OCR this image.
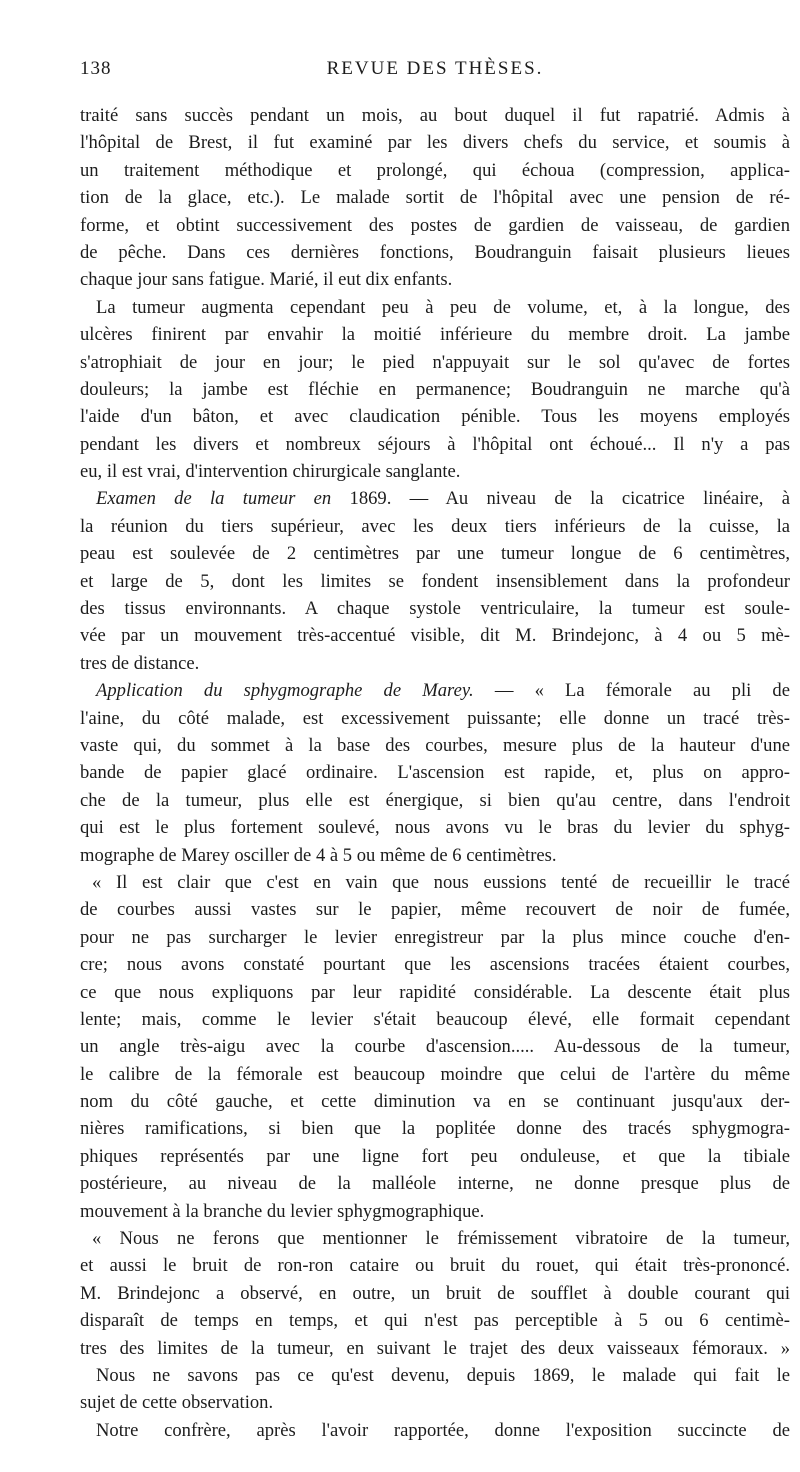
138	REVUE DES THÈSES.
traité sans succès pendant un mois, au bout duquel il fut rapatrié. Admis à
l'hôpital de Brest, il fut examiné par les divers chefs du service, et soumis à
un traitement méthodique et prolongé, qui échoua (compression, applica-
tion de la glace, etc.). Le malade sortit de l'hôpital avec une pension de ré-
forme, et obtint successivement des postes de gardien de vaisseau, de gardien
de pêche. Dans ces dernières fonctions, Boudranguin faisait plusieurs lieues
chaque jour sans fatigue. Marié, il eut dix enfants.
La tumeur augmenta cependant peu à peu de volume, et, à la longue, des
ulcères finirent par envahir la moitié inférieure du membre droit. La jambe
s'atrophiait de jour en jour; le pied n'appuyait sur le sol qu'avec de fortes
douleurs; la jambe est fléchie en permanence; Boudranguin ne marche qu'à
l'aide d'un bâton, et avec claudication pénible. Tous les moyens employés
pendant les divers et nombreux séjours à l'hôpital ont échoué... Il n'y a pas
eu, il est vrai, d'intervention chirurgicale sanglante.
Examen de la tumeur en 1869. — Au niveau de la cicatrice linéaire, à
la réunion du tiers supérieur, avec les deux tiers inférieurs de la cuisse, la
peau est soulevée de 2 centimètres par une tumeur longue de 6 centimètres,
et large de 5, dont les limites se fondent insensiblement dans la profondeur
des tissus environnants. A chaque systole ventriculaire, la tumeur est soule-
vée par un mouvement très-accentué visible, dit M. Brindejonc, à 4 ou 5 mè-
tres de distance.
Application du sphygmographe de Marey. — « La fémorale au pli de
l'aine, du côté malade, est excessivement puissante; elle donne un tracé très-
vaste qui, du sommet à la base des courbes, mesure plus de la hauteur d'une
bande de papier glacé ordinaire. L'ascension est rapide, et, plus on appro-
che de la tumeur, plus elle est énergique, si bien qu'au centre, dans l'endroit
qui est le plus fortement soulevé, nous avons vu le bras du levier du sphyg-
mographe de Marey osciller de 4 à 5 ou même de 6 centimètres.
« Il est clair que c'est en vain que nous eussions tenté de recueillir le tracé
de courbes aussi vastes sur le papier, même recouvert de noir de fumée,
pour ne pas surcharger le levier enregistreur par la plus mince couche d'en-
cre; nous avons constaté pourtant que les ascensions tracées étaient courbes,
ce que nous expliquons par leur rapidité considérable. La descente était plus
lente; mais, comme le levier s'était beaucoup élevé, elle formait cependant
un angle très-aigu avec la courbe d'ascension..... Au-dessous de la tumeur,
le calibre de la fémorale est beaucoup moindre que celui de l'artère du même
nom du côté gauche, et cette diminution va en se continuant jusqu'aux der-
nières ramifications, si bien que la poplitée donne des tracés sphygmogra-
phiques représentés par une ligne fort peu onduleuse, et que la tibiale
postérieure, au niveau de la malléole interne, ne donne presque plus de
mouvement à la branche du levier sphygmographique.
« Nous ne ferons que mentionner le frémissement vibratoire de la tumeur,
et aussi le bruit de ron-ron cataire ou bruit du rouet, qui était très-prononcé.
M. Brindejonc a observé, en outre, un bruit de soufflet à double courant qui
disparaît de temps en temps, et qui n'est pas perceptible à 5 ou 6 centimè-
tres des limites de la tumeur, en suivant le trajet des deux vaisseaux fémoraux. »
Nous ne savons pas ce qu'est devenu, depuis 1869, le malade qui fait le
sujet de cette observation.
Notre confrère, après l'avoir rapportée, donne l'exposition succincte de
